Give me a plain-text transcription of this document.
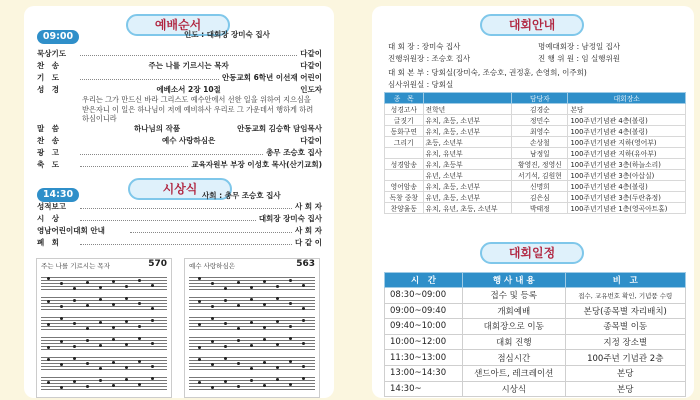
예배순서
인도 : 대회장 장미숙 집사
09:00
묵상기도	다같이
찬　송	주는 나를 기르시는 목자	다같이
기　도	안동교회 6학년 이선재 어린이
성　경	에베소서 2장 10절	인도자
말　씀	하나님의 작품	안동교회 김승학 담임목사
찬　송	예수 사랑하심은	다같이
광　고	총무 조승호 집사
축　도	교육자원부 부장 이성호 목사(산기교회)
우리는 그가 만드신 바라 그리스도 예수안에서 선한 일을 위하여 지으심을 받은자니 이 일은 하나님이 저에 예비하사 우리로 그 가운데서 행하게 하려 하심이니라
시상식
14:30	사회 : 총무 조승호 집사
성적보고	사 회 자
시　상	대회장 장미숙 집사
영남어린이대회 안내	사 회 자
폐　회	다 같 이
주는 나를 기르시는 목자	570	예수 사랑하심은	563
대회안내
대 회 장 : 장미숙 집사	명예대회장 : 남정일 집사
진행위원장 : 조승호 집사	진 행 위 원 : 임 실행위원
대 회 본 부 : 당회실(장미숙, 조승호, 권정훈, 손영희, 이주희)
심사위원실 : 당회실
종　목		담당자	대회장소
성경고사	전학년	김경순	본당
글짓기	유치, 초등, 소년부	정민수	100주년기념관 4층(볼링)
동화구연	유치, 초등, 소년부	최영수	100주년기념관 4층(볼링)
그리기	초등, 소년부	손상철	100주년기념관 지하(영어부)
	유치, 유년부	남정일	100주년기념관 지하(유아부)
성경암송	유치, 초등부	황영진, 정영신	100주년기념관 3층(하늘소리)
	유년, 소년부	서기석, 김원현	100주년기념관 3층(아삽실)
영어암송	유치, 초등, 소년부	신명희	100주년기념관 4층(볼링)
독창 중창	유년, 초등, 소년부	김은심	100주년기념관 3층(두란츄정)
찬양율동	유치, 유년, 초등, 소년부	박태정	100주년기념관 1층(영곡아트홀)
대회일정
시　간	행 사 내 용	비　고
08:30~09:00	접수 및 등록	접수, 교유번호 확인, 기념품 수령
09:00~09:40	개회예배	본당(종목별 자리배치)
09:40~10:00	대회장으로 이동	종목별 이동
10:00~12:00	대회 진행	지정 장소별
11:30~13:00	점심시간	100주년 기념관 2층
13:00~14:30	샌드아트, 레크레이션	본당
14:30~	시상식	본당
